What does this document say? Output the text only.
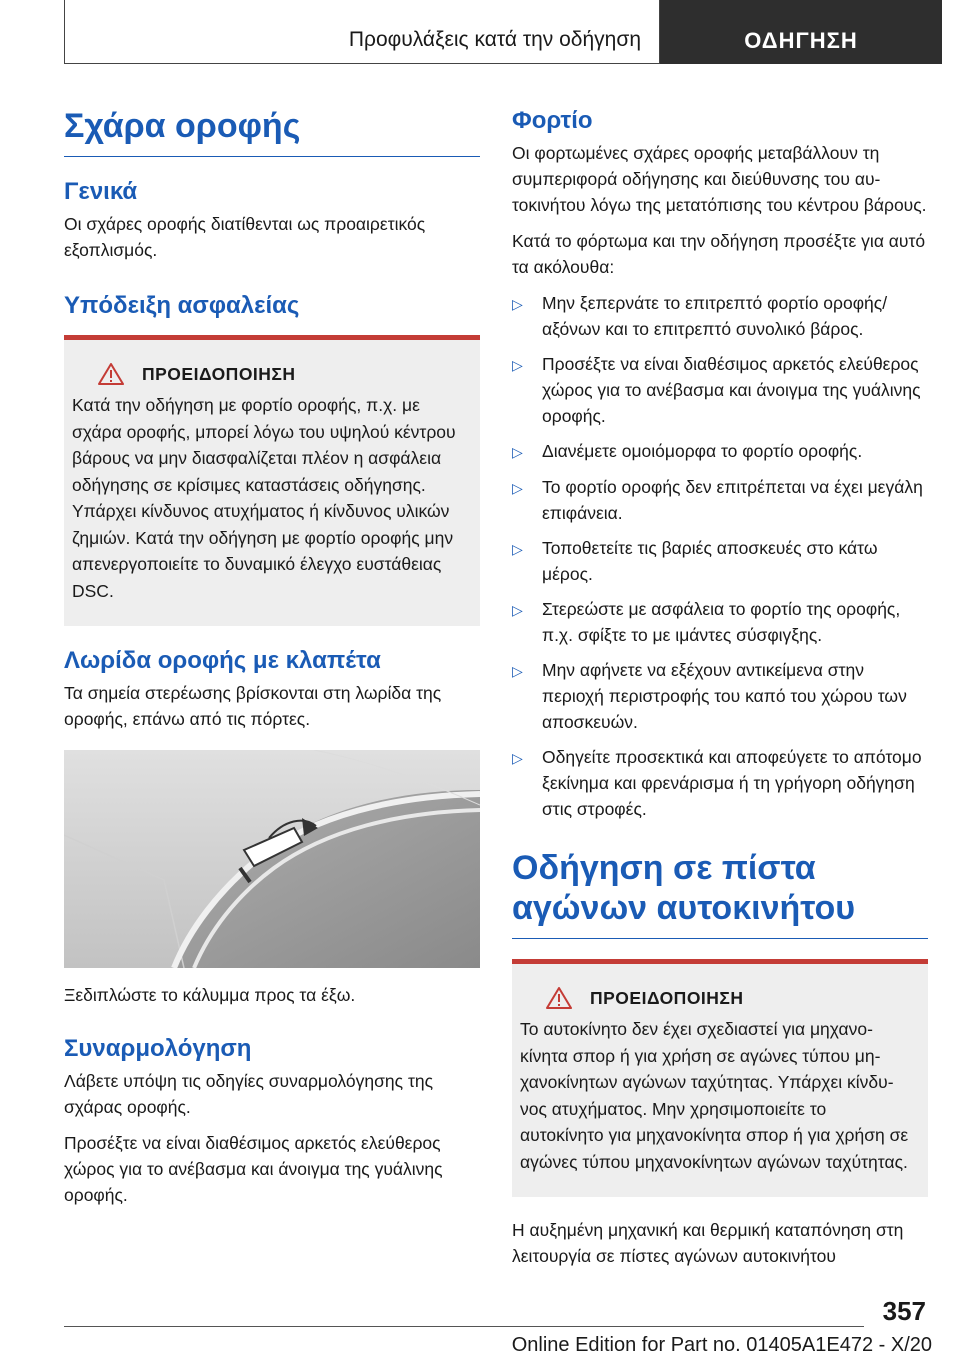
Προφυλάξεις κατά την οδήγηση	ΟΔΗΓΗΣΗ
Σχάρα οροφής
Γενικά
Οι σχάρες οροφής διατίθενται ως προαιρετικός εξοπλισμός.
Υπόδειξη ασφαλείας
ΠΡΟΕΙΔΟΠΟΙΗΣΗ
Κατά την οδήγηση με φορτίο οροφής, π.χ. με σχάρα οροφής, μπορεί λόγω του υψηλού κέντρου βάρους να μην διασφαλίζεται πλέον η ασφάλεια οδήγησης σε κρίσιμες καταστάσεις οδήγησης. Υπάρχει κίνδυνος ατυχήματος ή κίνδυνος υλικών ζημιών. Κατά την οδήγηση με φορτίο οροφής μην απενεργοποιείτε το δυναμικό έλεγχο ευστάθειας DSC.
Λωρίδα οροφής με κλαπέτα
Τα σημεία στερέωσης βρίσκονται στη λωρίδα της οροφής, επάνω από τις πόρτες.
Ξεδιπλώστε το κάλυμμα προς τα έξω.
Συναρμολόγηση
Λάβετε υπόψη τις οδηγίες συναρμολόγησης της σχάρας οροφής.
Προσέξτε να είναι διαθέσιμος αρκετός ελεύθερος χώρος για το ανέβασμα και άνοιγμα της γυάλινης οροφής.
Φορτίο
Οι φορτωμένες σχάρες οροφής μεταβάλλουν τη συμπεριφορά οδήγησης και διεύθυνσης του αυτοκινήτου λόγω της μετατόπισης του κέντρου βάρους.
Κατά το φόρτωμα και την οδήγηση προσέξτε για αυτό τα ακόλουθα:
▷	Μην ξεπερνάτε το επιτρεπτό φορτίο οροφής/ αξόνων και το επιτρεπτό συνολικό βάρος.
▷	Προσέξτε να είναι διαθέσιμος αρκετός ελεύθερος χώρος για το ανέβασμα και άνοιγμα της γυάλινης οροφής.
▷	Διανέμετε ομοιόμορφα το φορτίο οροφής.
▷	Το φορτίο οροφής δεν επιτρέπεται να έχει μεγάλη επιφάνεια.
▷	Τοποθετείτε τις βαριές αποσκευές στο κάτω μέρος.
▷	Στερεώστε με ασφάλεια το φορτίο της οροφής, π.χ. σφίξτε το με ιμάντες σύσφιγξης.
▷	Μην αφήνετε να εξέχουν αντικείμενα στην περιοχή περιστροφής του καπό του χώρου των αποσκευών.
▷	Οδηγείτε προσεκτικά και αποφεύγετε το απότομο ξεκίνημα και φρενάρισμα ή τη γρήγορη οδήγηση στις στροφές.
Οδήγηση σε πίστα αγώνων αυτοκινήτου
ΠΡΟΕΙΔΟΠΟΙΗΣΗ
Το αυτοκίνητο δεν έχει σχεδιαστεί για μηχανοκίνητα σπορ ή για χρήση σε αγώνες τύπου μηχανοκίνητων αγώνων ταχύτητας. Υπάρχει κίνδυνος ατυχήματος. Μην χρησιμοποιείτε το αυτοκίνητο για μηχανοκίνητα σπορ ή για χρήση σε αγώνες τύπου μηχανοκίνητων αγώνων ταχύτητας.
Η αυξημένη μηχανική και θερμική καταπόνηση στη λειτουργία σε πίστες αγώνων αυτοκινήτου
357
Online Edition for Part no. 01405A1E472 - X/20
